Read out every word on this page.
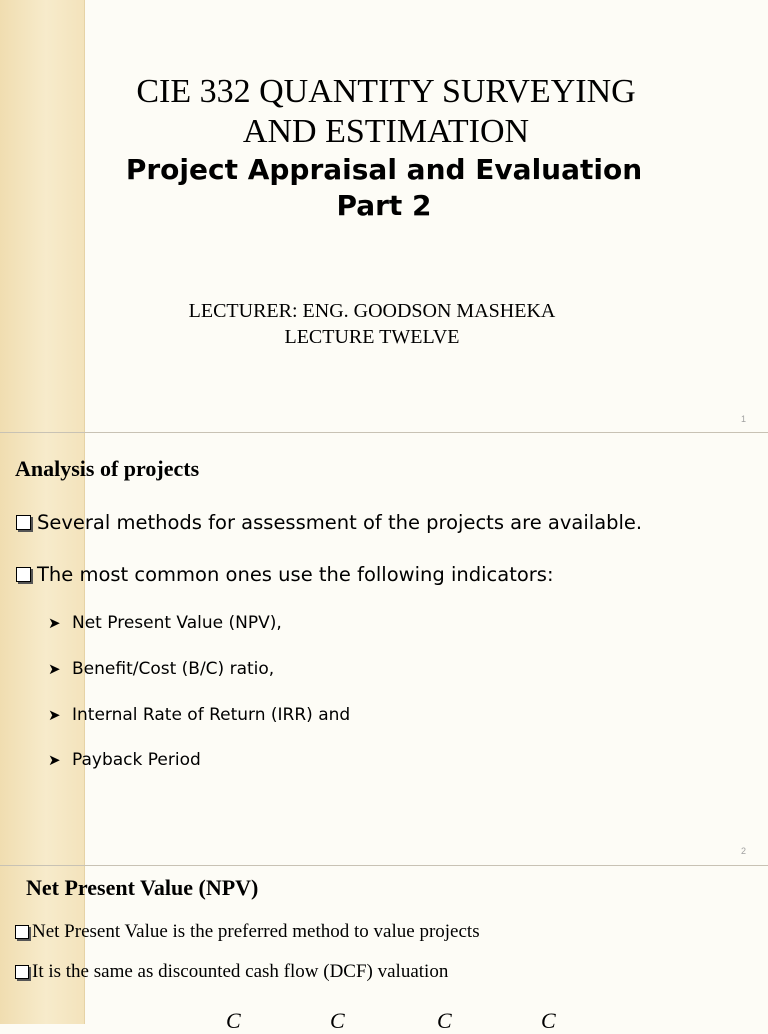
CIE 332 QUANTITY SURVEYING
AND ESTIMATION
Project Appraisal and Evaluation
Part 2
LECTURER: ENG. GOODSON MASHEKA
LECTURE TWELVE
1
Analysis of projects
Several methods for assessment of the projects are available.
The most common ones use the following indicators:
➤ Net Present Value (NPV),
➤ Benefit/Cost (B/C) ratio,
➤ Internal Rate of Return (IRR) and
➤ Payback Period
2
Net Present Value (NPV)
Net Present Value is the preferred method to value projects
It is the same as discounted cash flow (DCF) valuation
C	C	C	C
